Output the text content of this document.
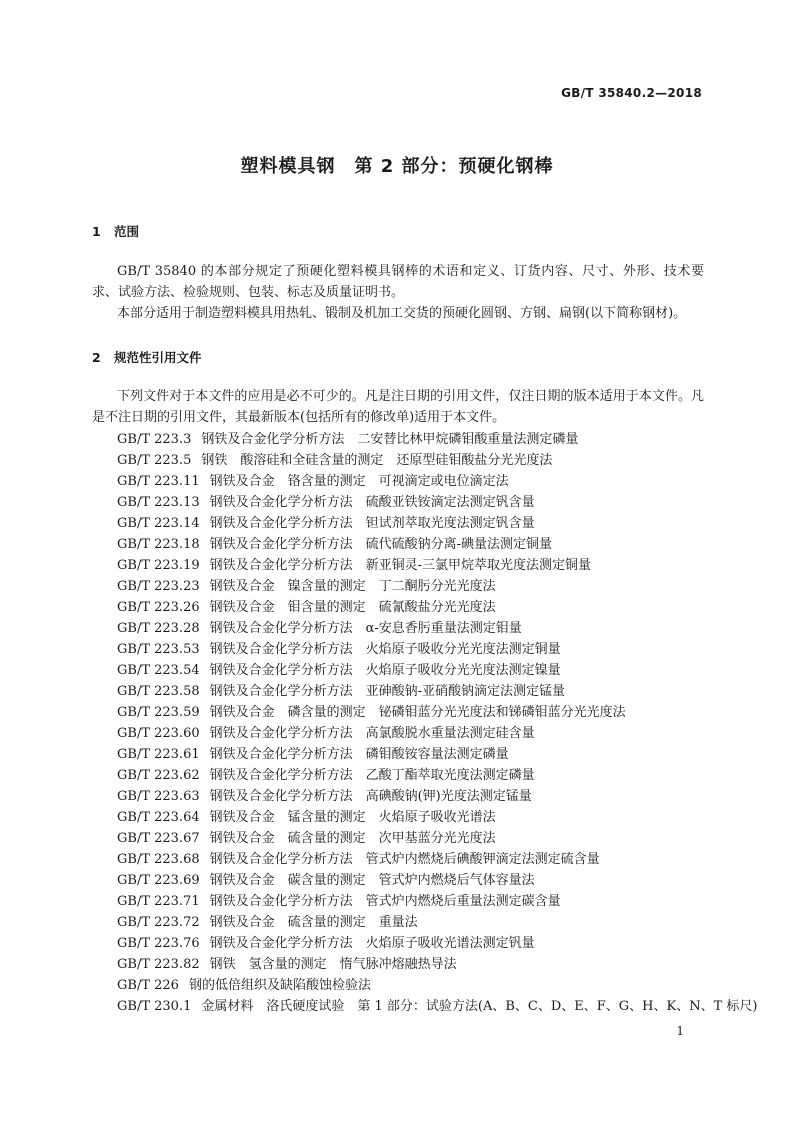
GB/T 35840.2—2018
塑料模具钢　第 2 部分：预硬化钢棒
1 范围
GB/T 35840 的本部分规定了预硬化塑料模具钢棒的术语和定义、订货内容、尺寸、外形、技术要求、试验方法、检验规则、包装、标志及质量证明书。
本部分适用于制造塑料模具用热轧、锻制及机加工交货的预硬化圆钢、方钢、扁钢(以下简称钢材)。
2 规范性引用文件
下列文件对于本文件的应用是必不可少的。凡是注日期的引用文件，仅注日期的版本适用于本文件。凡是不注日期的引用文件，其最新版本(包括所有的修改单)适用于本文件。
GB/T 223.3 钢铁及合金化学分析方法　二安替比林甲烷磷钼酸重量法测定磷量
GB/T 223.5 钢铁　酸溶硅和全硅含量的测定　还原型硅钼酸盐分光光度法
GB/T 223.11 钢铁及合金　铬含量的测定　可视滴定或电位滴定法
GB/T 223.13 钢铁及合金化学分析方法　硫酸亚铁铵滴定法测定钒含量
GB/T 223.14 钢铁及合金化学分析方法　钽试剂萃取光度法测定钒含量
GB/T 223.18 钢铁及合金化学分析方法　硫代硫酸钠分离-碘量法测定铜量
GB/T 223.19 钢铁及合金化学分析方法　新亚铜灵-三氯甲烷萃取光度法测定铜量
GB/T 223.23 钢铁及合金　镍含量的测定　丁二酮肟分光光度法
GB/T 223.26 钢铁及合金　钼含量的测定　硫氰酸盐分光光度法
GB/T 223.28 钢铁及合金化学分析方法　α-安息香肟重量法测定钼量
GB/T 223.53 钢铁及合金化学分析方法　火焰原子吸收分光光度法测定铜量
GB/T 223.54 钢铁及合金化学分析方法　火焰原子吸收分光光度法测定镍量
GB/T 223.58 钢铁及合金化学分析方法　亚砷酸钠-亚硝酸钠滴定法测定锰量
GB/T 223.59 钢铁及合金　磷含量的测定　铋磷钼蓝分光光度法和锑磷钼蓝分光光度法
GB/T 223.60 钢铁及合金化学分析方法　高氯酸脱水重量法测定硅含量
GB/T 223.61 钢铁及合金化学分析方法　磷钼酸铵容量法测定磷量
GB/T 223.62 钢铁及合金化学分析方法　乙酸丁酯萃取光度法测定磷量
GB/T 223.63 钢铁及合金化学分析方法　高碘酸钠(钾)光度法测定锰量
GB/T 223.64 钢铁及合金　锰含量的测定　火焰原子吸收光谱法
GB/T 223.67 钢铁及合金　硫含量的测定　次甲基蓝分光光度法
GB/T 223.68 钢铁及合金化学分析方法　管式炉内燃烧后碘酸钾滴定法测定硫含量
GB/T 223.69 钢铁及合金　碳含量的测定　管式炉内燃烧后气体容量法
GB/T 223.71 钢铁及合金化学分析方法　管式炉内燃烧后重量法测定碳含量
GB/T 223.72 钢铁及合金　硫含量的测定　重量法
GB/T 223.76 钢铁及合金化学分析方法　火焰原子吸收光谱法测定钒量
GB/T 223.82 钢铁　氢含量的测定　惰气脉冲熔融热导法
GB/T 226 钢的低倍组织及缺陷酸蚀检验法
GB/T 230.1 金属材料　洛氏硬度试验　第 1 部分：试验方法(A、B、C、D、E、F、G、H、K、N、T 标尺)
1
